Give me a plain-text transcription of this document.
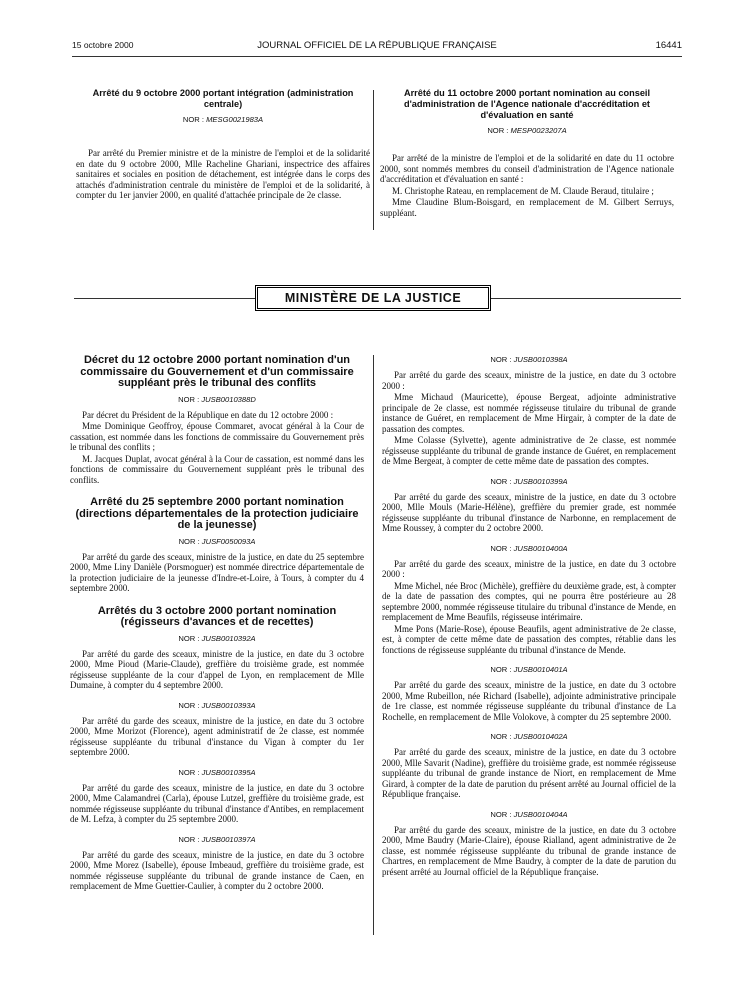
15 octobre 2000	JOURNAL OFFICIEL DE LA RÉPUBLIQUE FRANÇAISE	16441
Arrêté du 9 octobre 2000 portant intégration (administration centrale)
NOR : MESG0021983A

Par arrêté du Premier ministre et de la ministre de l'emploi et de la solidarité en date du 9 octobre 2000, Mlle Racheline Ghariani, inspectrice des affaires sanitaires et sociales en position de détachement, est intégrée dans le corps des attachés d'administration centrale du ministère de l'emploi et de la solidarité, à compter du 1er janvier 2000, en qualité d'attachée principale de 2e classe.

Arrêté du 11 octobre 2000 portant nomination au conseil d'administration de l'Agence nationale d'accréditation et d'évaluation en santé
NOR : MESP0023207A

Par arrêté de la ministre de l'emploi et de la solidarité en date du 11 octobre 2000, sont nommés membres du conseil d'administration de l'Agence nationale d'accréditation et d'évaluation en santé :

M. Christophe Rateau, en remplacement de M. Claude Beraud, titulaire ;

Mme Claudine Blum-Boisgard, en remplacement de M. Gilbert Serruys, suppléant.

MINISTÈRE DE LA JUSTICE
Décret du 12 octobre 2000 portant nomination d'un commissaire du Gouvernement et d'un commissaire suppléant près le tribunal des conflits
NOR : JUSB0010388D

Par décret du Président de la République en date du 12 octobre 2000 :

Mme Dominique Geoffroy, épouse Commaret, avocat général à la Cour de cassation, est nommée dans les fonctions de commissaire du Gouvernement près le tribunal des conflits ;

M. Jacques Duplat, avocat général à la Cour de cassation, est nommé dans les fonctions de commissaire du Gouvernement suppléant près le tribunal des conflits.

Arrêté du 25 septembre 2000 portant nomination (directions départementales de la protection judiciaire de la jeunesse)
NOR : JUSF0050093A

Par arrêté du garde des sceaux, ministre de la justice, en date du 25 septembre 2000, Mme Liny Danièle (Porsmoguer) est nommée directrice départementale de la protection judiciaire de la jeunesse d'Indre-et-Loire, à Tours, à compter du 4 septembre 2000.

Arrêtés du 3 octobre 2000 portant nomination (régisseurs d'avances et de recettes)
NOR : JUSB0010392A

Par arrêté du garde des sceaux, ministre de la justice, en date du 3 octobre 2000, Mme Pioud (Marie-Claude), greffière du troisième grade, est nommée régisseuse suppléante de la cour d'appel de Lyon, en remplacement de Mlle Dumaine, à compter du 4 septembre 2000.

NOR : JUSB0010393A

Par arrêté du garde des sceaux, ministre de la justice, en date du 3 octobre 2000, Mme Morizot (Florence), agent administratif de 2e classe, est nommée régisseuse suppléante du tribunal d'instance du Vigan à compter du 1er septembre 2000.

NOR : JUSB0010395A

Par arrêté du garde des sceaux, ministre de la justice, en date du 3 octobre 2000, Mme Calamandrei (Carla), épouse Lutzel, greffière du troisième grade, est nommée régisseuse suppléante du tribunal d'instance d'Antibes, en remplacement de M. Lefza, à compter du 25 septembre 2000.

NOR : JUSB0010397A

Par arrêté du garde des sceaux, ministre de la justice, en date du 3 octobre 2000, Mme Morez (Isabelle), épouse Imbeaud, greffière du troisième grade, est nommée régisseuse suppléante du tribunal de grande instance de Caen, en remplacement de Mme Guettier-Caulier, à compter du 2 octobre 2000.

NOR : JUSB0010398A

Par arrêté du garde des sceaux, ministre de la justice, en date du 3 octobre 2000 :

Mme Michaud (Mauricette), épouse Bergeat, adjointe administrative principale de 2e classe, est nommée régisseuse titulaire du tribunal de grande instance de Guéret, en remplacement de Mme Hirgair, à compter de la date de passation des comptes.

Mme Colasse (Sylvette), agente administrative de 2e classe, est nommée régisseuse suppléante du tribunal de grande instance de Guéret, en remplacement de Mme Bergeat, à compter de cette même date de passation des comptes.

NOR : JUSB0010399A

Par arrêté du garde des sceaux, ministre de la justice, en date du 3 octobre 2000, Mlle Mouls (Marie-Hélène), greffière du premier grade, est nommée régisseuse suppléante du tribunal d'instance de Narbonne, en remplacement de Mme Roussey, à compter du 2 octobre 2000.

NOR : JUSB0010400A

Par arrêté du garde des sceaux, ministre de la justice, en date du 3 octobre 2000 :

Mme Michel, née Broc (Michèle), greffière du deuxième grade, est, à compter de la date de passation des comptes, qui ne pourra être postérieure au 28 septembre 2000, nommée régisseuse titulaire du tribunal d'instance de Mende, en remplacement de Mme Beaufils, régisseuse intérimaire.

Mme Pons (Marie-Rose), épouse Beaufils, agent administrative de 2e classe, est, à compter de cette même date de passation des comptes, rétablie dans les fonctions de régisseuse suppléante du tribunal d'instance de Mende.

NOR : JUSB0010401A

Par arrêté du garde des sceaux, ministre de la justice, en date du 3 octobre 2000, Mme Rubeillon, née Richard (Isabelle), adjointe administrative principale de 1re classe, est nommée régisseuse suppléante du tribunal d'instance de La Rochelle, en remplacement de Mlle Volokove, à compter du 25 septembre 2000.

NOR : JUSB0010402A

Par arrêté du garde des sceaux, ministre de la justice, en date du 3 octobre 2000, Mlle Savarit (Nadine), greffière du troisième grade, est nommée régisseuse suppléante du tribunal de grande instance de Niort, en remplacement de Mme Girard, à compter de la date de parution du présent arrêté au Journal officiel de la République française.

NOR : JUSB0010404A

Par arrêté du garde des sceaux, ministre de la justice, en date du 3 octobre 2000, Mme Baudry (Marie-Claire), épouse Rialland, agent administrative de 2e classe, est nommée régisseuse suppléante du tribunal de grande instance de Chartres, en remplacement de Mme Baudry, à compter de la date de parution du présent arrêté au Journal officiel de la République française.
